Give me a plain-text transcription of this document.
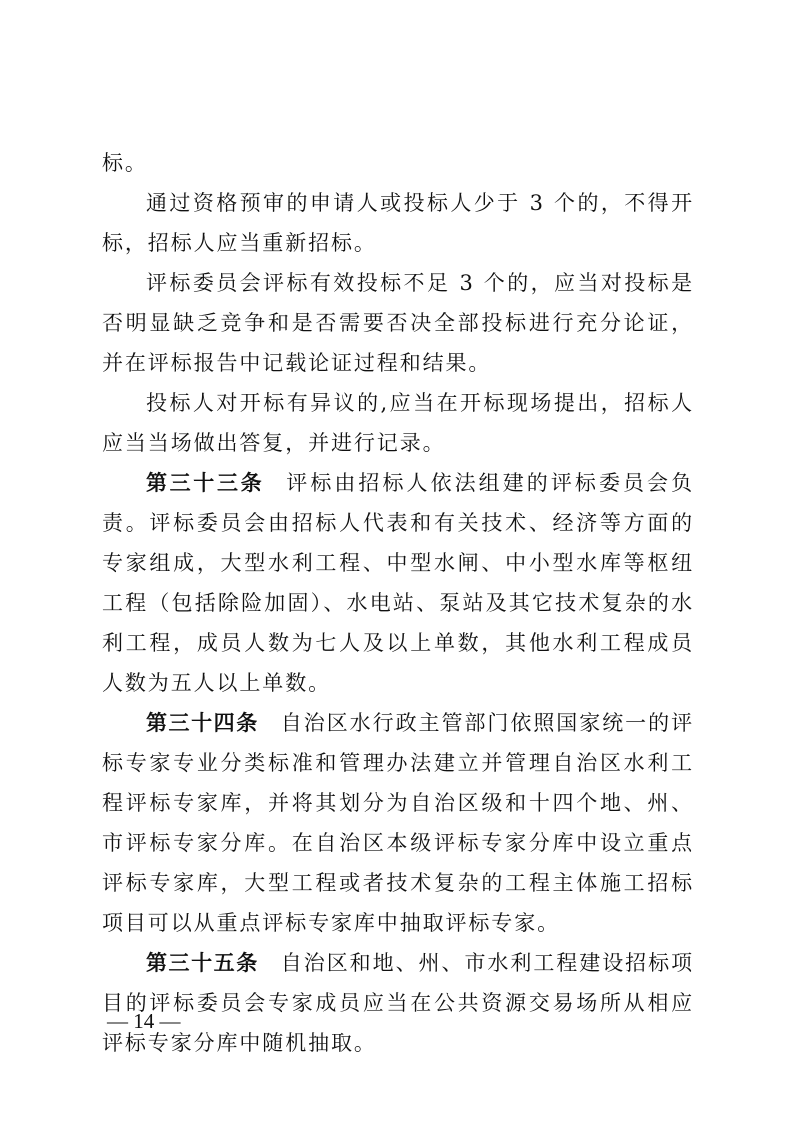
标。

通过资格预审的申请人或投标人少于 3 个的，不得开标，招标人应当重新招标。

评标委员会评标有效投标不足 3 个的，应当对投标是否明显缺乏竞争和是否需要否决全部投标进行充分论证，并在评标报告中记载论证过程和结果。

投标人对开标有异议的,应当在开标现场提出，招标人应当当场做出答复，并进行记录。

第三十三条 评标由招标人依法组建的评标委员会负责。评标委员会由招标人代表和有关技术、经济等方面的专家组成，大型水利工程、中型水闸、中小型水库等枢纽工程（包括除险加固）、水电站、泵站及其它技术复杂的水利工程，成员人数为七人及以上单数，其他水利工程成员人数为五人以上单数。

第三十四条 自治区水行政主管部门依照国家统一的评标专家专业分类标准和管理办法建立并管理自治区水利工程评标专家库，并将其划分为自治区级和十四个地、州、市评标专家分库。在自治区本级评标专家分库中设立重点评标专家库，大型工程或者技术复杂的工程主体施工招标项目可以从重点评标专家库中抽取评标专家。

第三十五条 自治区和地、州、市水利工程建设招标项目的评标委员会专家成员应当在公共资源交易场所从相应评标专家分库中随机抽取。

— 14 —
